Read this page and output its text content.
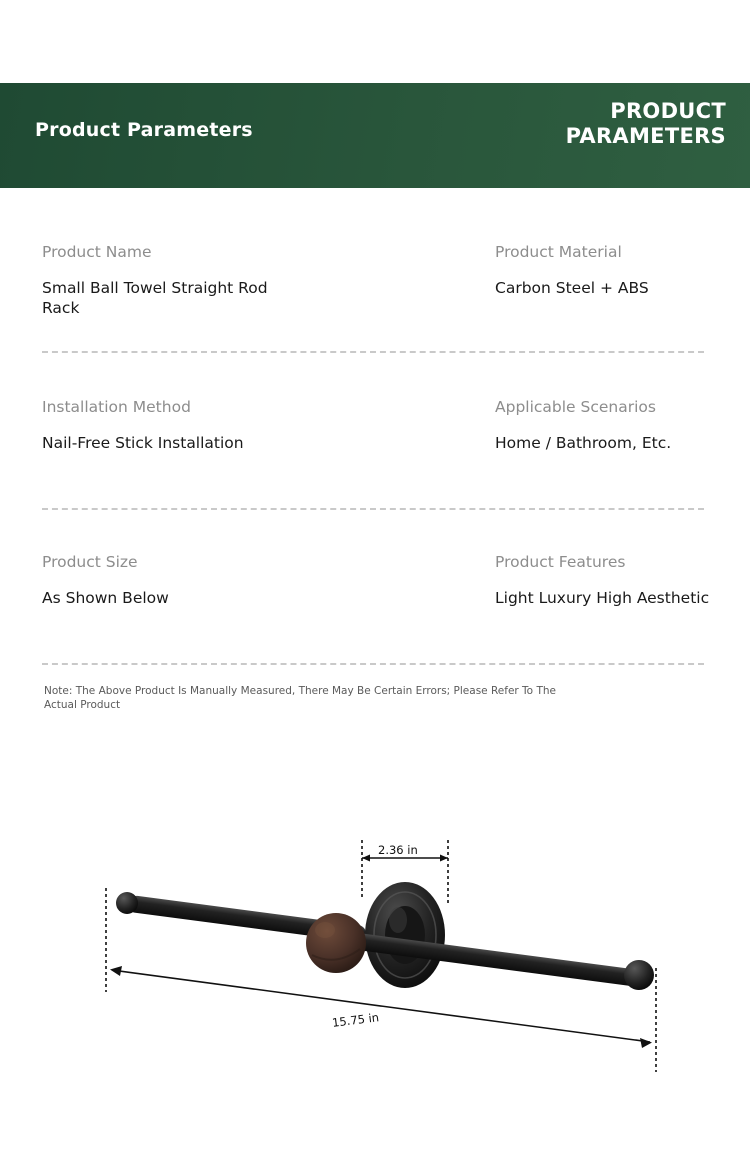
Product Parameters
PRODUCT
PARAMETERS
Product Name
Small Ball Towel Straight Rod Rack
Product Material
Carbon Steel + ABS
Installation Method
Nail-Free Stick Installation
Applicable Scenarios
Home / Bathroom, Etc.
Product Size
As Shown Below
Product Features
Light Luxury High Aesthetic
Note: The Above Product Is Manually Measured, There May Be Certain Errors; Please Refer To The Actual Product
2.36 in
15.75 in
